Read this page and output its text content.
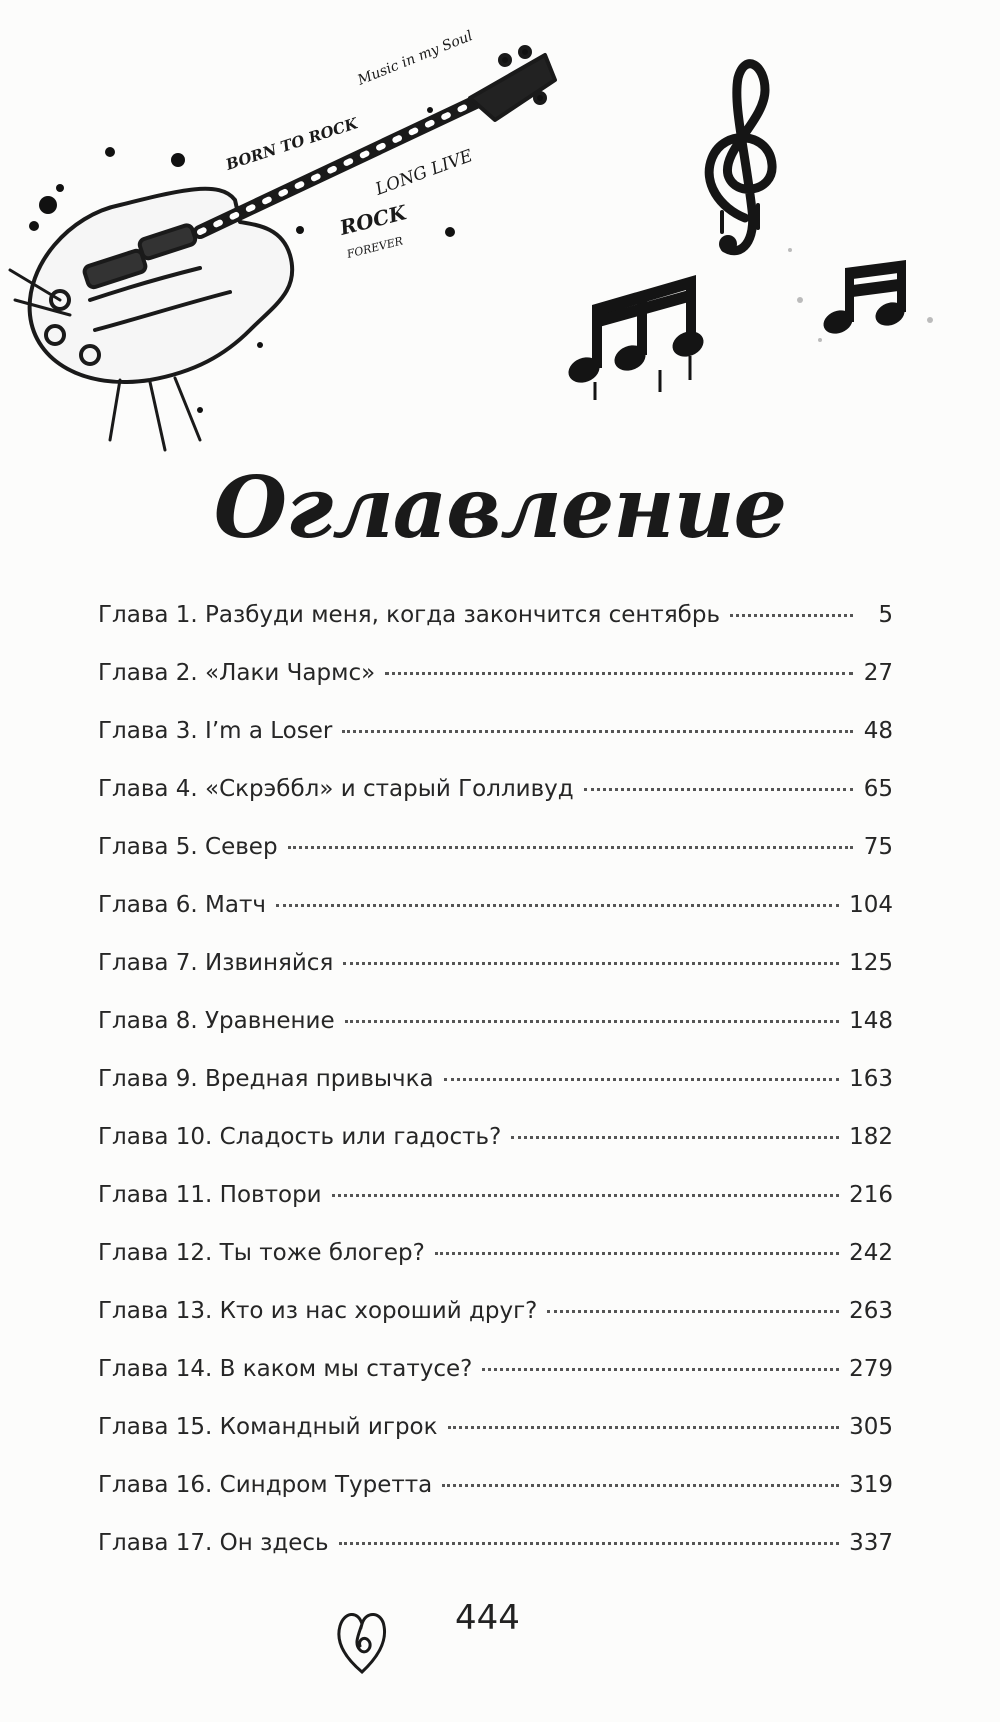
Music in my Soul
BORN TO ROCK LONG LIVE
ROCK
FOREVER
Оглавление
Глава 1. Разбуди меня, когда закончится сентябрь	5
Глава 2. «Лаки Чармс»	27
Глава 3. I’m a Loser	48
Глава 4. «Скрэббл» и старый Голливуд	65
Глава 5. Север	75
Глава 6. Матч	104
Глава 7. Извиняйся	125
Глава 8. Уравнение	148
Глава 9. Вредная привычка	163
Глава 10. Сладость или гадость?	182
Глава 11. Повтори	216
Глава 12. Ты тоже блогер?	242
Глава 13. Кто из нас хороший друг?	263
Глава 14. В каком мы статусе?	279
Глава 15. Командный игрок	305
Глава 16. Синдром Туретта	319
Глава 17. Он здесь	337
444
